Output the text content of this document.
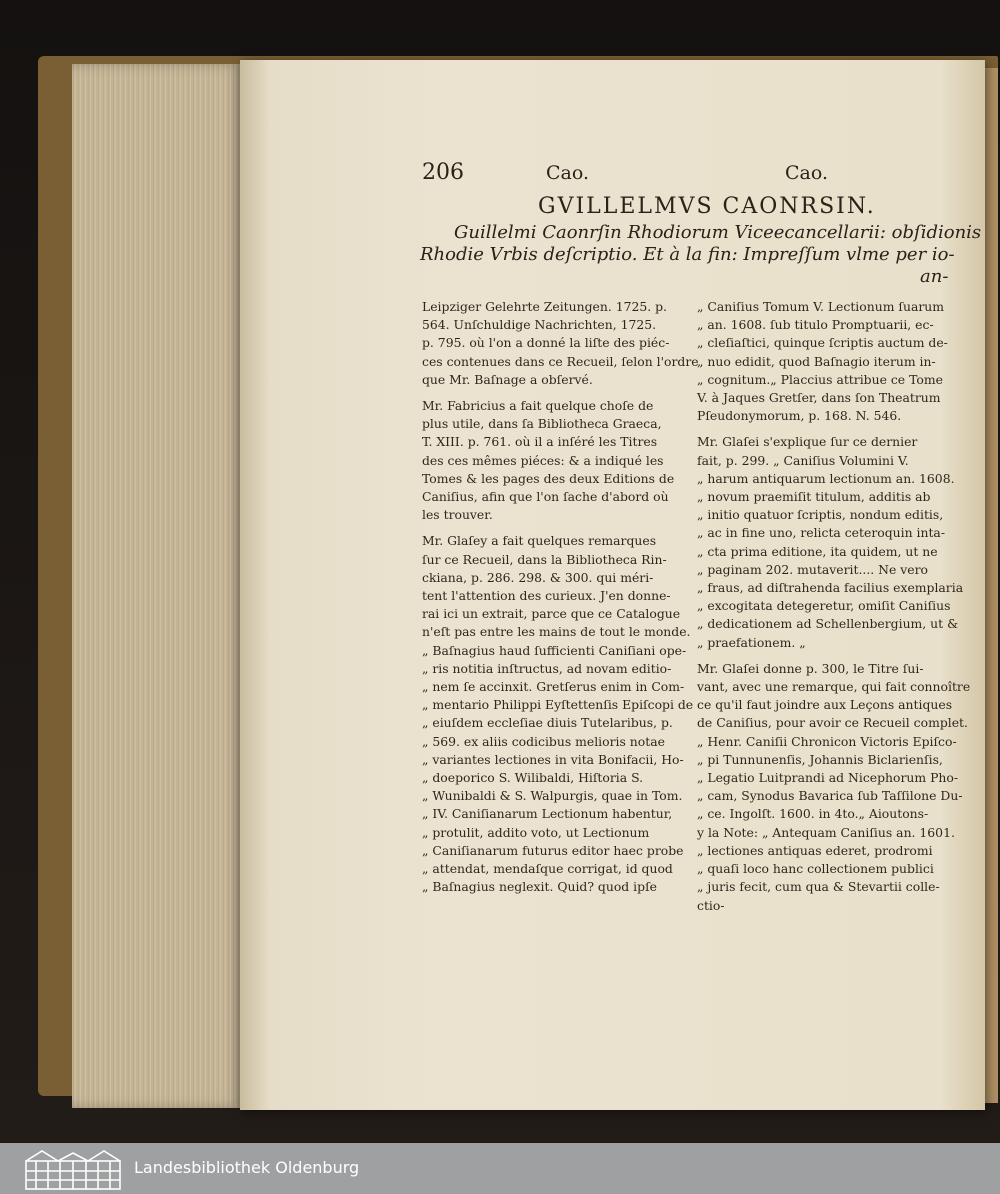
206	Cao.	Cao.
GVILLELMVS CAONRSIN.
Guillelmi Caonrſin Rhodiorum Viceecancellarii: obſidionis
Rhodie Vrbis deſcriptio. Et à la fin: Impreſſum vlme per io-
an-

Leipziger Gelehrte Zeitungen. 1725. p.
564. Unſchuldige Nachrichten, 1725.
p. 795. où l'on a donné la liſte des piéc-
ces contenues dans ce Recueil, ſelon l'ordre
que Mr. Baſnage a obſervé.

Mr. Fabricius a fait quelque choſe de
plus utile, dans ſa Bibliotheca Graeca,
T. XIII. p. 761. où il a inſéré les Titres
des ces mêmes piéces: & a indiqué les
Tomes & les pages des deux Editions de
Caniſius, afin que l'on ſache d'abord où
les trouver.

Mr. Glaſey a fait quelques remarques
ſur ce Recueil, dans la Bibliotheca Rin-
ckiana, p. 286. 298. & 300. qui méri-
tent l'attention des curieux. J'en donne-
rai ici un extrait, parce que ce Catalogue
n'eſt pas entre les mains de tout le monde.
„ Baſnagius haud ſufficienti Caniſiani ope-
„ ris notitia inſtructus, ad novam editio-
„ nem ſe accinxit. Gretſerus enim in Com-
„ mentario Philippi Eyſtettenſis Epiſcopi de
„ eiuſdem eccleſiae diuis Tutelaribus, p.
„ 569. ex aliis codicibus melioris notae
„ variantes lectiones in vita Bonifacii, Ho-
„ doeporico S. Wilibaldi, Hiſtoria S.
„ Wunibaldi & S. Walpurgis, quae in Tom.
„ IV. Caniſianarum Lectionum habentur,
„ protulit, addito voto, ut Lectionum
„ Caniſianarum futurus editor haec probe
„ attendat, mendaſque corrigat, id quod
„ Baſnagius neglexit. Quid? quod ipſe

„ Caniſius Tomum V. Lectionum ſuarum
„ an. 1608. ſub titulo Promptuarii, ec-
„ cleſiaſtici, quinque ſcriptis auctum de-
„ nuo edidit, quod Baſnagio iterum in-
„ cognitum.„ Placcius attribue ce Tome
V. à Jaques Gretſer, dans ſon Theatrum
Pſeudonymorum, p. 168. N. 546.

Mr. Glaſei s'explique ſur ce dernier
fait, p. 299. „ Caniſius Volumini V.
„ harum antiquarum lectionum an. 1608.
„ novum praemiſit titulum, additis ab
„ initio quatuor ſcriptis, nondum editis,
„ ac in fine uno, relicta ceteroquin inta-
„ cta prima editione, ita quidem, ut ne
„ paginam 202. mutaverit.... Ne vero
„ fraus, ad diſtrahenda facilius exemplaria
„ excogitata detegeretur, omiſit Caniſius
„ dedicationem ad Schellenbergium, ut &
„ praefationem. „

Mr. Glaſei donne p. 300, le Titre ſui-
vant, avec une remarque, qui fait connoître
ce qu'il faut joindre aux Leçons antiques
de Caniſius, pour avoir ce Recueil complet.
„ Henr. Caniſii Chronicon Victoris Epiſco-
„ pi Tunnunenſis, Johannis Biclarienſis,
„ Legatio Luitprandi ad Nicephorum Pho-
„ cam, Synodus Bavarica ſub Taſſilone Du-
„ ce. Ingolſt. 1600. in 4to.„ Aioutons-
y la Note: „ Antequam Caniſius an. 1601.
„ lectiones antiquas ederet, prodromi
„ quaſi loco hanc collectionem publici
„ juris fecit, cum qua & Stevartii colle-
ctio-

Landesbibliothek Oldenburg
